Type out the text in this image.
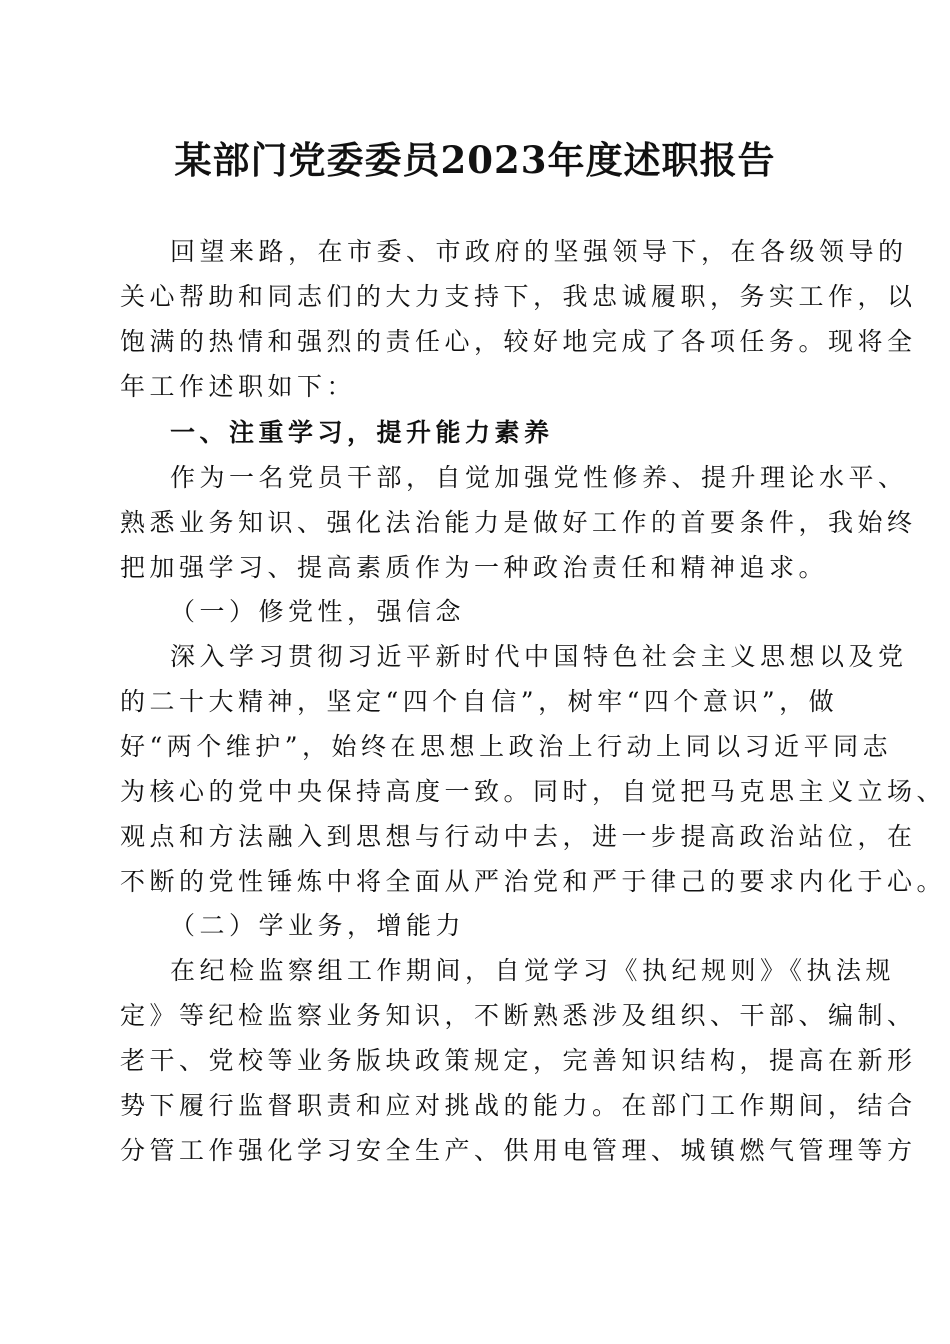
某部门党委委员2023年度述职报告
回望来路，在市委、市政府的坚强领导下，在各级领导的
关心帮助和同志们的大力支持下，我忠诚履职，务实工作，以
饱满的热情和强烈的责任心，较好地完成了各项任务。现将全
年工作述职如下：
一、注重学习，提升能力素养
作为一名党员干部，自觉加强党性修养、提升理论水平、
熟悉业务知识、强化法治能力是做好工作的首要条件，我始终
把加强学习、提高素质作为一种政治责任和精神追求。
（一）修党性，强信念
深入学习贯彻习近平新时代中国特色社会主义思想以及党
的二十大精神，坚定“四个自信”，树牢“四个意识”，做
好“两个维护”，始终在思想上政治上行动上同以习近平同志
为核心的党中央保持高度一致。同时，自觉把马克思主义立场、
观点和方法融入到思想与行动中去，进一步提高政治站位，在
不断的党性锤炼中将全面从严治党和严于律己的要求内化于心。
（二）学业务，增能力
在纪检监察组工作期间，自觉学习《执纪规则》《执法规
定》等纪检监察业务知识，不断熟悉涉及组织、干部、编制、
老干、党校等业务版块政策规定，完善知识结构，提高在新形
势下履行监督职责和应对挑战的能力。在部门工作期间，结合
分管工作强化学习安全生产、供用电管理、城镇燃气管理等方
